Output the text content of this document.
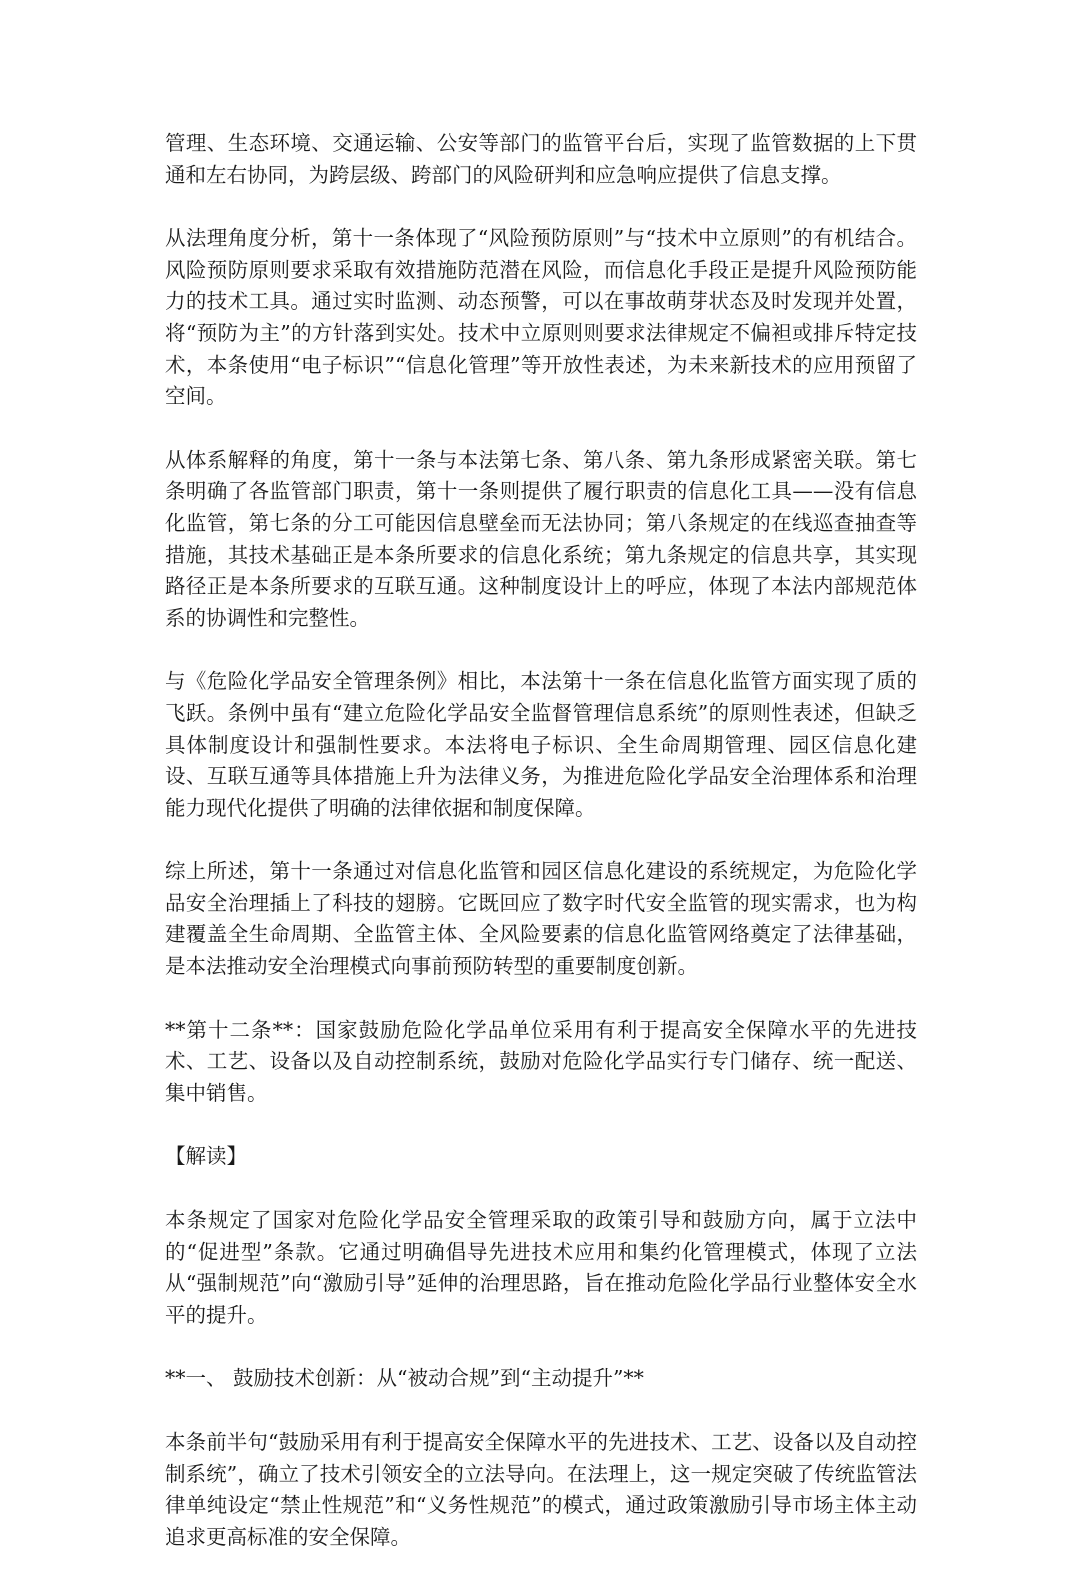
管理、生态环境、交通运输、公安等部门的监管平台后，实现了监管数据的上下贯通和左右协同，为跨层级、跨部门的风险研判和应急响应提供了信息支撑。

从法理角度分析，第十一条体现了“风险预防原则”与“技术中立原则”的有机结合。风险预防原则要求采取有效措施防范潜在风险，而信息化手段正是提升风险预防能力的技术工具。通过实时监测、动态预警，可以在事故萌芽状态及时发现并处置，将“预防为主”的方针落到实处。技术中立原则则要求法律规定不偏袒或排斥特定技术，本条使用“电子标识”“信息化管理”等开放性表述，为未来新技术的应用预留了空间。

从体系解释的角度，第十一条与本法第七条、第八条、第九条形成紧密关联。第七条明确了各监管部门职责，第十一条则提供了履行职责的信息化工具——没有信息化监管，第七条的分工可能因信息壁垒而无法协同；第八条规定的在线巡查抽查等措施，其技术基础正是本条所要求的信息化系统；第九条规定的信息共享，其实现路径正是本条所要求的互联互通。这种制度设计上的呼应，体现了本法内部规范体系的协调性和完整性。

与《危险化学品安全管理条例》相比，本法第十一条在信息化监管方面实现了质的飞跃。条例中虽有“建立危险化学品安全监督管理信息系统”的原则性表述，但缺乏具体制度设计和强制性要求。本法将电子标识、全生命周期管理、园区信息化建设、互联互通等具体措施上升为法律义务，为推进危险化学品安全治理体系和治理能力现代化提供了明确的法律依据和制度保障。

综上所述，第十一条通过对信息化监管和园区信息化建设的系统规定，为危险化学品安全治理插上了科技的翅膀。它既回应了数字时代安全监管的现实需求，也为构建覆盖全生命周期、全监管主体、全风险要素的信息化监管网络奠定了法律基础，是本法推动安全治理模式向事前预防转型的重要制度创新。

**第十二条**：国家鼓励危险化学品单位采用有利于提高安全保障水平的先进技术、工艺、设备以及自动控制系统，鼓励对危险化学品实行专门储存、统一配送、集中销售。

【解读】

本条规定了国家对危险化学品安全管理采取的政策引导和鼓励方向，属于立法中的“促进型”条款。它通过明确倡导先进技术应用和集约化管理模式，体现了立法从“强制规范”向“激励引导”延伸的治理思路，旨在推动危险化学品行业整体安全水平的提升。

**一、 鼓励技术创新：从“被动合规”到“主动提升”**

本条前半句“鼓励采用有利于提高安全保障水平的先进技术、工艺、设备以及自动控制系统”，确立了技术引领安全的立法导向。在法理上，这一规定突破了传统监管法律单纯设定“禁止性规范”和“义务性规范”的模式，通过政策激励引导市场主体主动追求更高标准的安全保障。
